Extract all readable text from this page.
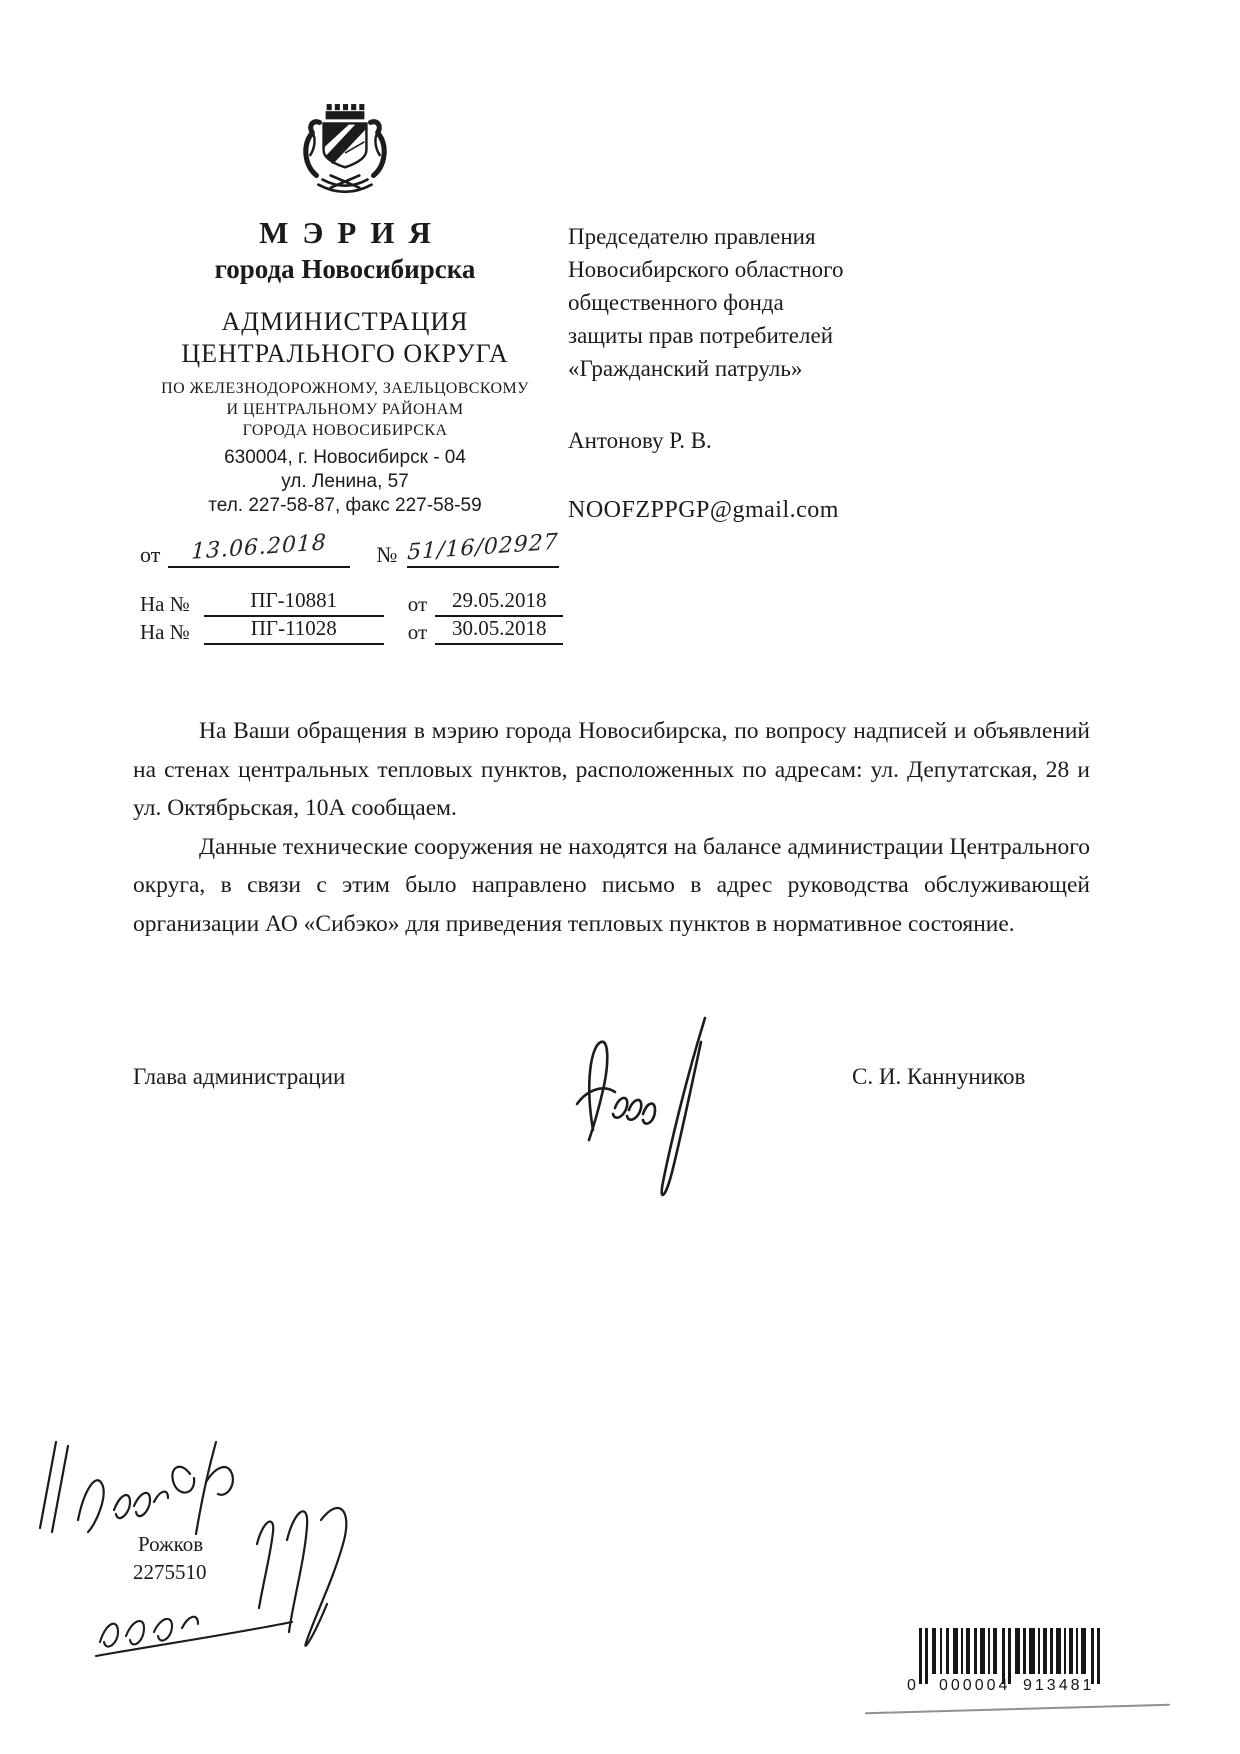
МЭРИЯ
города Новосибирска
АДМИНИСТРАЦИЯ
ЦЕНТРАЛЬНОГО ОКРУГА
ПО ЖЕЛЕЗНОДОРОЖНОМУ, ЗАЕЛЬЦОВСКОМУ
И ЦЕНТРАЛЬНОМУ РАЙОНАМ
ГОРОДА НОВОСИБИРСКА
630004, г. Новосибирск - 04
ул. Ленина, 57
тел. 227-58-87, факс 227-58-59
от 13.06.2018 № 51/16/02927
На №	ПГ-10881	от 29.05.2018
На №	ПГ-11028	от 30.05.2018
Председателю правления
Новосибирского областного
общественного фонда
защиты прав потребителей
«Гражданский патруль»
Антонову Р. В.
NOOFZPPGP@gmail.com

На Ваши обращения в мэрию города Новосибирска, по вопросу надписей и объявлений на стенах центральных тепловых пунктов, расположенных по адресам: ул. Депутатская, 28 и ул. Октябрьская, 10А сообщаем.

Данные технические сооружения не находятся на балансе администрации Центрального округа, в связи с этим было направлено письмо в адрес руководства обслуживающей организации АО «Сибэко» для приведения тепловых пунктов в нормативное состояние.

Глава администрации	С. И. Каннуников
Рожков
2275510
0 000004 913481
